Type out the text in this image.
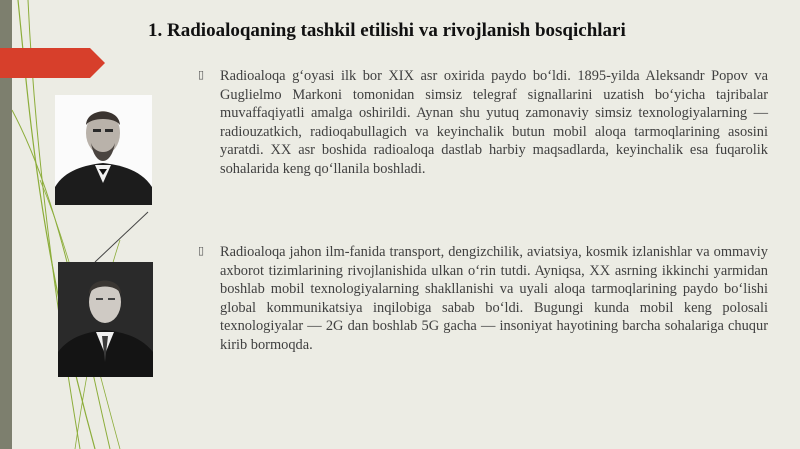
1. Radioaloqaning tashkil etilishi va rivojlanish bosqichlari
▯ Radioaloqa g‘oyasi ilk bor XIX asr oxirida paydo bo‘ldi. 1895-yilda Aleksandr Popov va Guglielmo Markoni tomonidan simsiz telegraf signallarini uzatish bo‘yicha tajribalar muvaffaqiyatli amalga oshirildi. Aynan shu yutuq zamonaviy simsiz texnologiyalarning — radiouzatkich, radioqabullagich va keyinchalik butun mobil aloqa tarmoqlarining asosini yaratdi. XX asr boshida radioaloqa dastlab harbiy maqsadlarda, keyinchalik esa fuqarolik sohalarida keng qo‘llanila boshladi.
▯ Radioaloqa jahon ilm-fanida transport, dengizchilik, aviatsiya, kosmik izlanishlar va ommaviy axborot tizimlarining rivojlanishida ulkan o‘rin tutdi. Ayniqsa, XX asrning ikkinchi yarmidan boshlab mobil texnologiyalarning shakllanishi va uyali aloqa tarmoqlarining paydo bo‘lishi global kommunikatsiya inqilobiga sabab bo‘ldi. Bugungi kunda mobil keng polosali texnologiyalar — 2G dan boshlab 5G gacha — insoniyat hayotining barcha sohalariga chuqur kirib bormoqda.
